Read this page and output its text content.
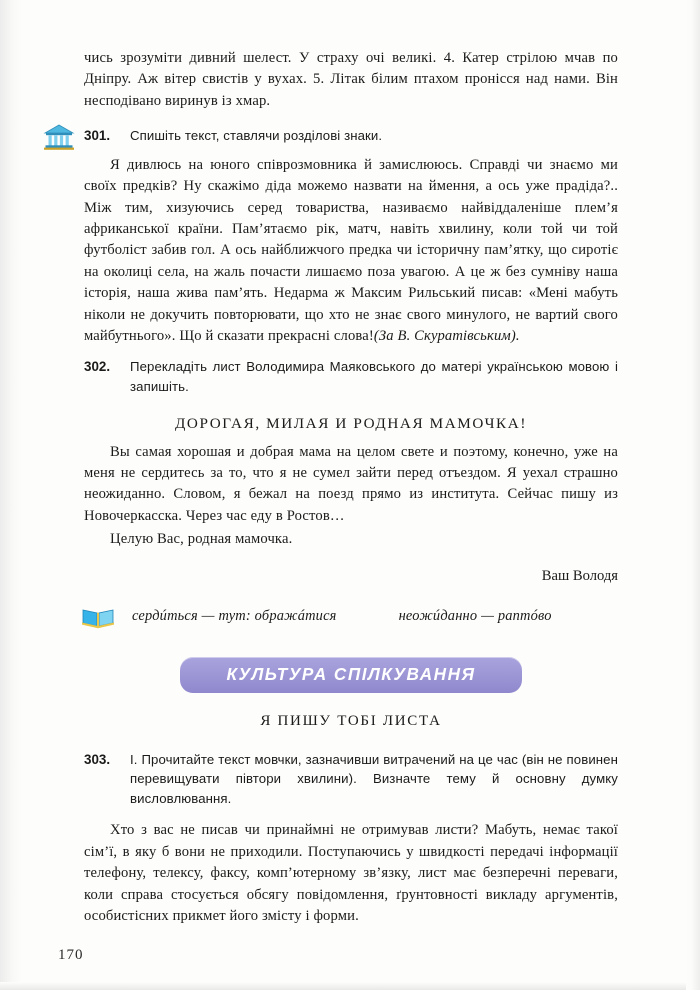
чись зрозуміти дивний шелест. У страху очі великі. 4. Катер стрілою мчав по Дніпру. Аж вітер свистів у вухах. 5. Літак білим птахом пронісся над нами. Він несподівано виринув із хмар.

301. Спишіть текст, ставлячи розділові знаки.

Я дивлюсь на юного співрозмовника й замислююсь. Справді чи знаємо ми своїх предків? Ну скажімо діда можемо назвати на ймення, а ось уже прадіда?.. Між тим, хизуючись серед товариства, називаємо найвіддаленіше плем’я африканської країни. Пам’ятаємо рік, матч, навіть хвилину, коли той чи той футболіст забив гол. А ось найближчого предка чи історичну пам’ятку, що сиротіє на околиці села, на жаль почасти лишаємо поза увагою. А це ж без сумніву наша історія, наша жива пам’ять. Недарма ж Максим Рильський писав: «Мені мабуть ніколи не докучить повторювати, що хто не знає свого минулого, не вартий свого майбутнього». Що й сказати прекрасні слова!(За В. Скуратівським).

302. Перекладіть лист Володимира Маяковського до матері українською мовою і запишіть.

ДОРОГАЯ, МИЛАЯ И РОДНАЯ МАМОЧКА!

Вы самая хорошая и добрая мама на целом свете и поэтому, конечно, уже на меня не сердитесь за то, что я не сумел зайти перед отъездом. Я уехал страшно неожиданно. Словом, я бежал на поезд прямо из института. Сейчас пишу из Новочеркасска. Через час еду в Ростов…

Целую Вас, родная мамочка.

Ваш Володя
сердúться — тут: ображáтися	неожúданно — раптóво
КУЛЬТУРА СПІЛКУВАННЯ
Я ПИШУ ТОБІ ЛИСТА
303. І. Прочитайте текст мовчки, зазначивши витрачений на це час (він не повинен перевищувати півтори хвилини). Визначте тему й основну думку висловлювання.

Хто з вас не писав чи принаймні не отримував листи? Мабуть, немає такої сім’ї, в яку б вони не приходили. Поступаючись у швидкості передачі інформації телефону, телексу, факсу, комп’ютерному зв’язку, лист має безперечні переваги, коли справа стосується обсягу повідомлення, ґрунтовності викладу аргументів, особистісних прикмет його змісту і форми.

170
